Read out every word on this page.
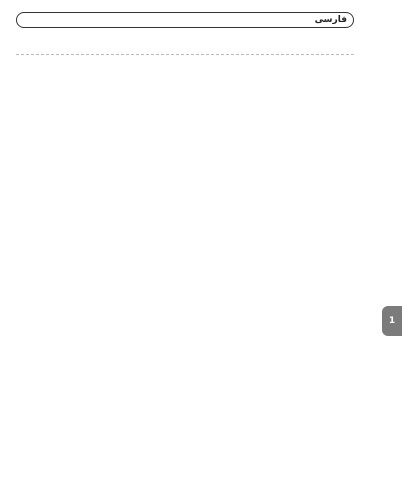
فارسی
1
